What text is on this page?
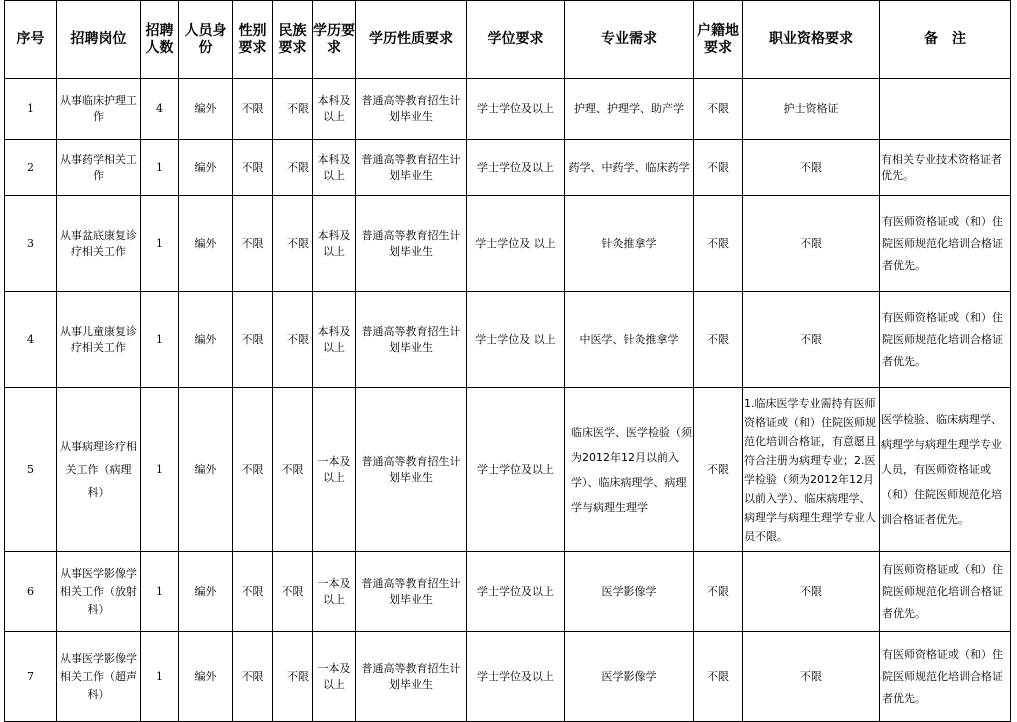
序号	招聘岗位	招聘人数	人员身份	性别要求	民族要求	学历要求	学历性质要求	学位要求	专业需求	户籍地要求	职业资格要求	备　注
1	从事临床护理工作	4	编外	不限	不限	本科及以上	普通高等教育招生计划毕业生	学士学位及以上	护理、护理学、助产学	不限	护士资格证	
2	从事药学相关工作	1	编外	不限	不限	本科及以上	普通高等教育招生计划毕业生	学士学位及以上	药学、中药学、临床药学	不限	不限	有相关专业技术资格证者优先。
3	从事盆底康复诊疗相关工作	1	编外	不限	不限	本科及以上	普通高等教育招生计划毕业生	学士学位及 以上	针灸推拿学	不限	不限	有医师资格证或（和）住院医师规范化培训合格证者优先。
4	从事儿童康复诊疗相关工作	1	编外	不限	不限	本科及以上	普通高等教育招生计划毕业生	学士学位及 以上	中医学、针灸推拿学	不限	不限	有医师资格证或（和）住院医师规范化培训合格证者优先。
5	从事病理诊疗相关工作（病理科）	1	编外	不限	不限	一本及以上	普通高等教育招生计划毕业生	学士学位及以上	临床医学、医学检验（须为2012年12月以前入学）、临床病理学、病理学与病理生理学	不限	1.临床医学专业需持有医师资格证或（和）住院医师规范化培训合格证，有意愿且符合注册为病理专业；2.医学检验（须为2012年12月以前入学）、临床病理学、病理学与病理生理学专业人员不限。	医学检验、临床病理学、病理学与病理生理学专业人员，有医师资格证或（和）住院医师规范化培训合格证者优先。
6	从事医学影像学相关工作（放射科）	1	编外	不限	不限	一本及以上	普通高等教育招生计划毕业生	学士学位及以上	医学影像学	不限	不限	有医师资格证或（和）住院医师规范化培训合格证者优先。
7	从事医学影像学相关工作（超声科）	1	编外	不限	不限	一本及以上	普通高等教育招生计划毕业生	学士学位及以上	医学影像学	不限	不限	有医师资格证或（和）住院医师规范化培训合格证者优先。
